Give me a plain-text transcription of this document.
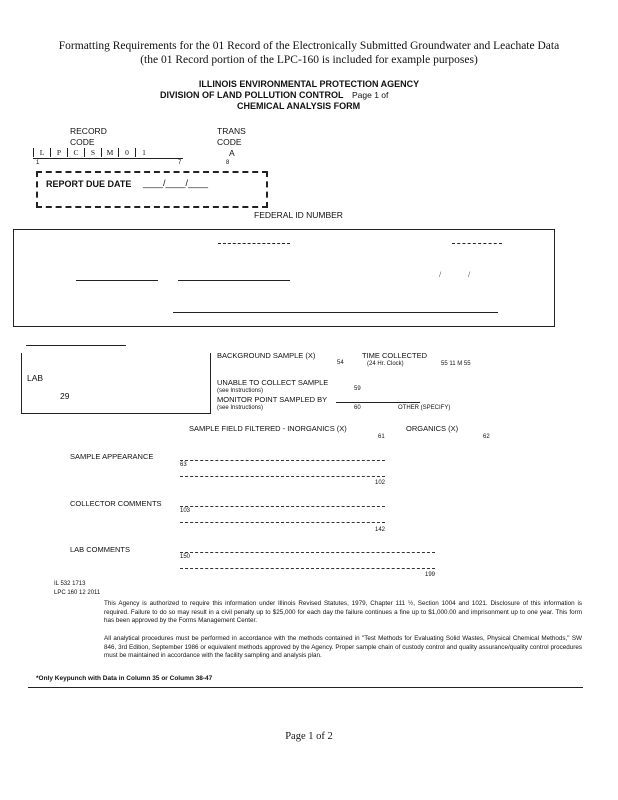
Formatting Requirements for the 01 Record of the Electronically Submitted Groundwater and Leachate Data
(the 01 Record portion of the LPC-160 is included for example purposes)
ILLINOIS ENVIRONMENTAL PROTECTION AGENCY
DIVISION OF LAND POLLUTION CONTROL Page 1 of
CHEMICAL ANALYSIS FORM
RECORD
CODE
TRANS
CODE
L	P	C	S	M	0	1	A
1	7	8
REPORT DUE DATE ____/____/____
FEDERAL ID NUMBER
/	/
LAB
29
BACKGROUND SAMPLE (X)
54
TIME COLLECTED
(24 Hr. Clock)	55 11 M 55
UNABLE TO COLLECT SAMPLE
(see Instructions)	59
MONITOR POINT SAMPLED BY
(see Instructions)	60	OTHER (SPECIFY)
SAMPLE FIELD FILTERED - INORGANICS (X)
61
ORGANICS (X)
62
SAMPLE APPEARANCE
63
102
COLLECTOR COMMENTS
103
142
LAB COMMENTS
150
199
IL 532 1713
LPC 160 12 2011
This Agency is authorized to require this information under Illinois Revised Statutes, 1979, Chapter 111 ½, Section 1004 and 1021. Disclosure of this information is required. Failure to do so may result in a civil penalty up to $25,000 for each day the failure continues a fine up to $1,000.00 and imprisonment up to one year. This form has been approved by the Forms Management Center.
All analytical procedures must be performed in accordance with the methods contained in "Test Methods for Evaluating Solid Wastes, Physical Chemical Methods," SW 846, 3rd Edition, September 1986 or equivalent methods approved by the Agency. Proper sample chain of custody control and quality assurance/quality control procedures must be maintained in accordance with the facility sampling and analysis plan.
*Only Keypunch with Data in Column 35 or Column 38-47
Page 1 of 2
